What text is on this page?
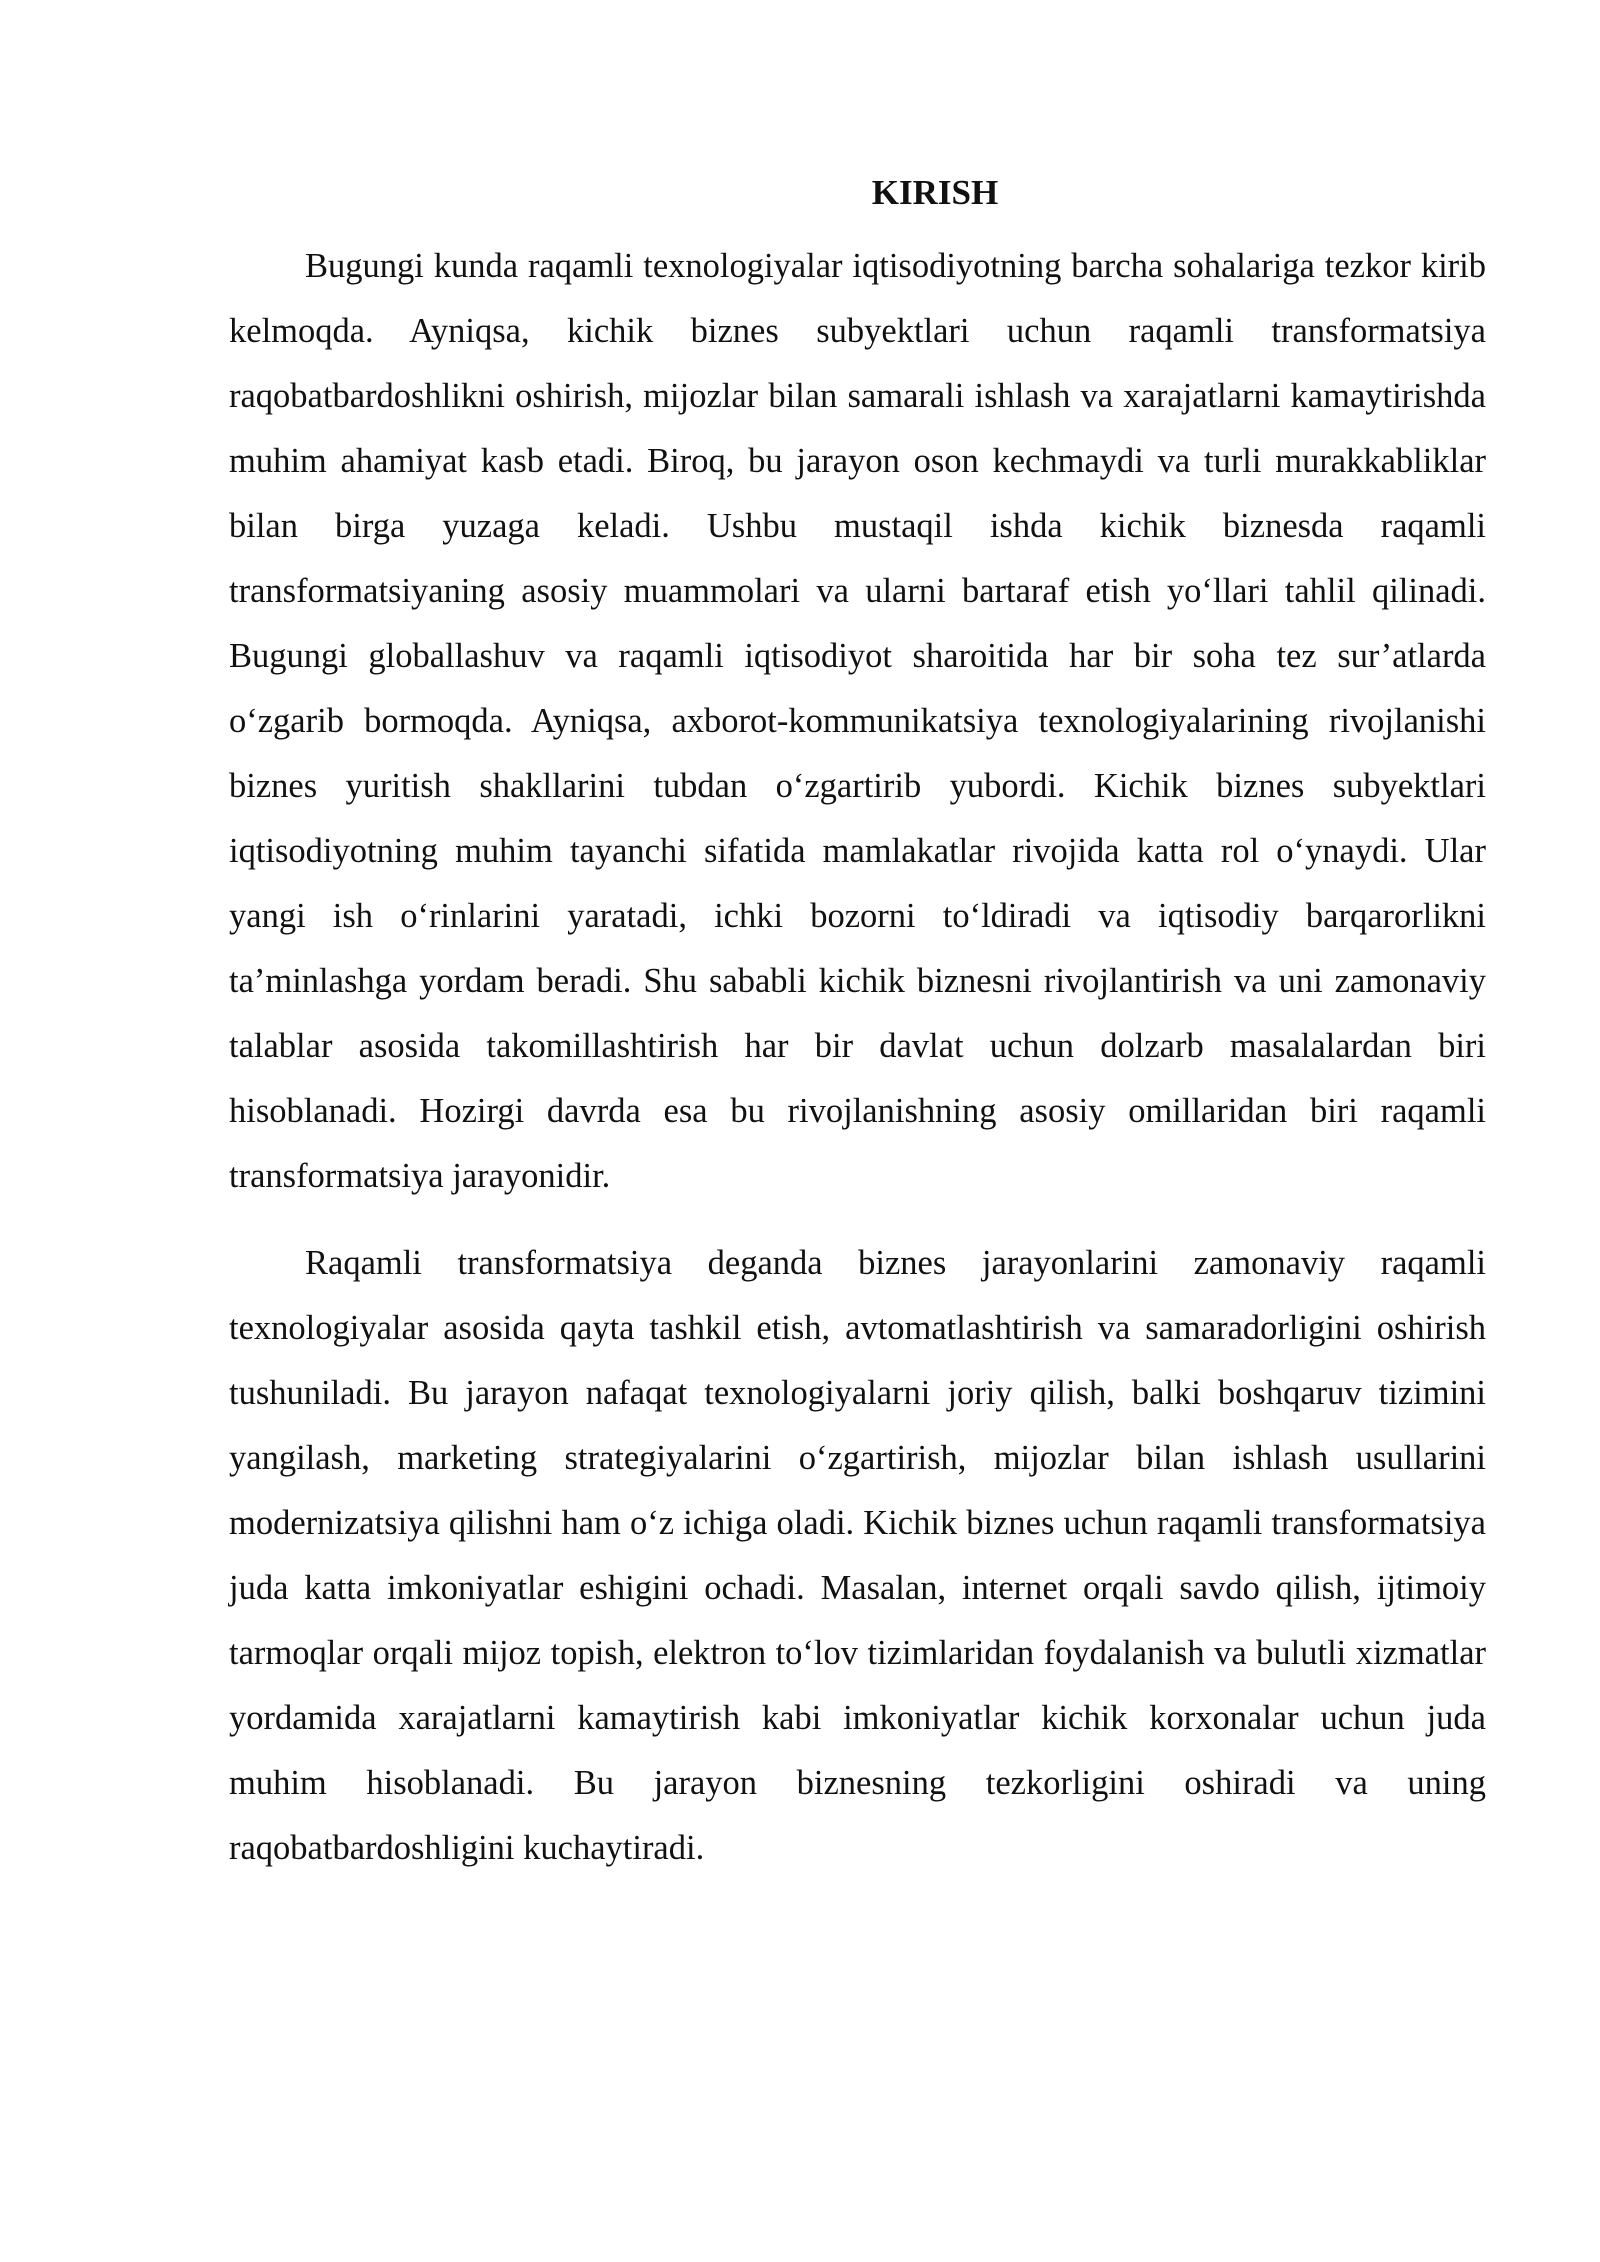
KIRISH

Bugungi kunda raqamli texnologiyalar iqtisodiyotning barcha sohalariga tezkor kirib kelmoqda. Ayniqsa, kichik biznes subyektlari uchun raqamli transformatsiya raqobatbardoshlikni oshirish, mijozlar bilan samarali ishlash va xarajatlarni kamaytirishda muhim ahamiyat kasb etadi. Biroq, bu jarayon oson kechmaydi va turli murakkabliklar bilan birga yuzaga keladi. Ushbu mustaqil ishda kichik biznesda raqamli transformatsiyaning asosiy muammolari va ularni bartaraf etish yo‘llari tahlil qilinadi. Bugungi globallashuv va raqamli iqtisodiyot sharoitida har bir soha tez sur’atlarda o‘zgarib bormoqda. Ayniqsa, axborot-kommunikatsiya texnologiyalarining rivojlanishi biznes yuritish shakllarini tubdan o‘zgartirib yubordi. Kichik biznes subyektlari iqtisodiyotning muhim tayanchi sifatida mamlakatlar rivojida katta rol o‘ynaydi. Ular yangi ish o‘rinlarini yaratadi, ichki bozorni to‘ldiradi va iqtisodiy barqarorlikni ta’minlashga yordam beradi. Shu sababli kichik biznesni rivojlantirish va uni zamonaviy talablar asosida takomillashtirish har bir davlat uchun dolzarb masalalardan biri hisoblanadi. Hozirgi davrda esa bu rivojlanishning asosiy omillaridan biri raqamli transformatsiya jarayonidir.

Raqamli transformatsiya deganda biznes jarayonlarini zamonaviy raqamli texnologiyalar asosida qayta tashkil etish, avtomatlashtirish va samaradorligini oshirish tushuniladi. Bu jarayon nafaqat texnologiyalarni joriy qilish, balki boshqaruv tizimini yangilash, marketing strategiyalarini o‘zgartirish, mijozlar bilan ishlash usullarini modernizatsiya qilishni ham o‘z ichiga oladi. Kichik biznes uchun raqamli transformatsiya juda katta imkoniyatlar eshigini ochadi. Masalan, internet orqali savdo qilish, ijtimoiy tarmoqlar orqali mijoz topish, elektron to‘lov tizimlaridan foydalanish va bulutli xizmatlar yordamida xarajatlarni kamaytirish kabi imkoniyatlar kichik korxonalar uchun juda muhim hisoblanadi. Bu jarayon biznesning tezkorligini oshiradi va uning raqobatbardoshligini kuchaytiradi.
